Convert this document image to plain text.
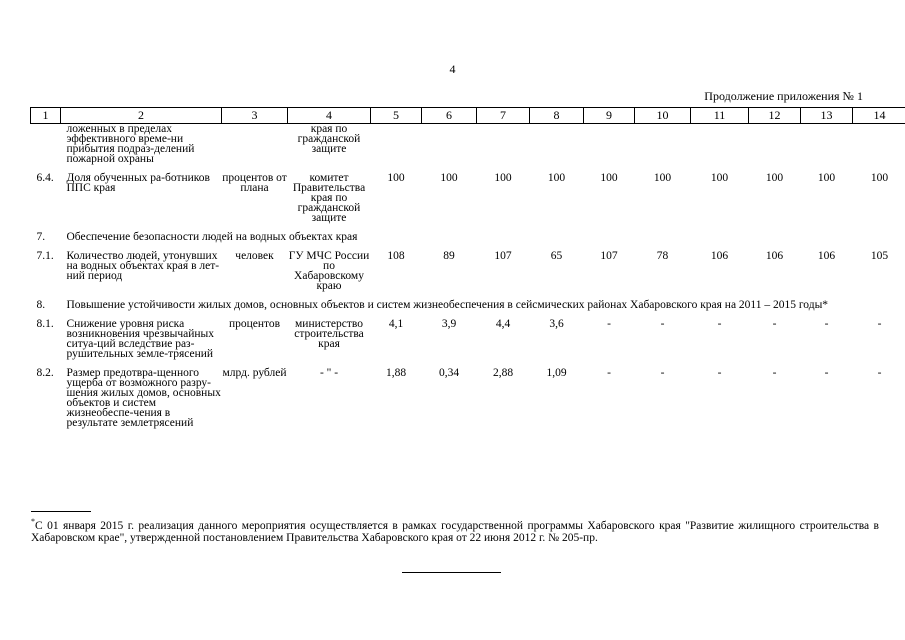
4
Продолжение приложения № 1
1	2	3	4	5	6	7	8	9	10	11	12	13	14
	ложенных в пределах эффективного време-ни прибытия подраз-делений пожарной охраны		края по гражданской защите										
6.4.	Доля обученных ра-ботников ППС края	процентов от плана	комитет Правительства края по гражданской защите	100	100	100	100	100	100	100	100	100	100
7.	Обеспечение безопасности людей на водных объектах края												
7.1.	Количество людей, утонувших на водных объектах края в лет-ний период	человек	ГУ МЧС России по Хабаровскому краю	108	89	107	65	107	78	106	106	106	105
8.	Повышение устойчивости жилых домов, основных объектов и систем жизнеобеспечения в сейсмических районах Хабаровского края на 2011 – 2015 годы*												
8.1.	Снижение уровня риска возникновения чрезвычайных ситуа-ций вследствие раз-рушительных земле-трясений	процентов	министерство строительства края	4,1	3,9	4,4	3,6	-	-	-	-	-	-
8.2.	Размер предотвра-щенного ущерба от возможного разру-шения жилых домов, основных объектов и систем жизнеобеспе-чения в результате землетрясений	млрд. рублей	- " -	1,88	0,34	2,88	1,09	-	-	-	-	-	-
*С 01 января 2015 г. реализация данного мероприятия осуществляется в рамках государственной программы Хабаровского края "Развитие жилищного строительства в Хабаровском крае", утвержденной постановлением Правительства Хабаровского края от 22 июня 2012 г. № 205-пр.
